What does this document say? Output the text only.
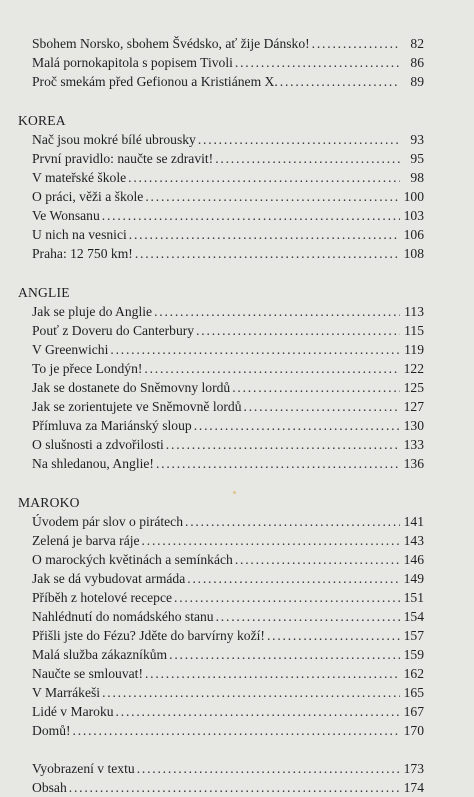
Sbohem Norsko, sbohem Švédsko, ať žije Dánsko! . . .	82
Malá pornokapitola s popisem Tivoli . . .	86
Proč smekám před Gefionou a Kristiánem X. . . .	89
KOREA
Nač jsou mokré bílé ubrousky . . .	93
První pravidlo: naučte se zdravit! . . .	95
V mateřské škole . . .	98
O práci, věži a škole . . .	100
Ve Wonsanu . . .	103
U nich na vesnici . . .	106
Praha: 12 750 km! . . .	108
ANGLIE
Jak se pluje do Anglie . . .	113
Pouť z Doveru do Canterbury . . .	115
V Greenwichi . . .	119
To je přece Londýn! . . .	122
Jak se dostanete do Sněmovny lordů . . .	125
Jak se zorientujete ve Sněmovně lordů . . .	127
Přímluva za Mariánský sloup . . .	130
O slušnosti a zdvořilosti . . .	133
Na shledanou, Anglie! . . .	136
MAROKO
Úvodem pár slov o pirátech . . .	141
Zelená je barva ráje . . .	143
O marockých květinách a semínkách . . .	146
Jak se dá vybudovat armáda . . .	149
Příběh z hotelové recepce . . .	151
Nahlédnutí do nomádského stanu . . .	154
Přišli jste do Fézu? Jděte do barvírny koží! . . .	157
Malá služba zákazníkům . . .	159
Naučte se smlouvat! . . .	162
V Marrákeši . . .	165
Lidé v Maroku . . .	167
Domů! . . .	170
Vyobrazení v textu . . .	173
Obsah . . .	174
